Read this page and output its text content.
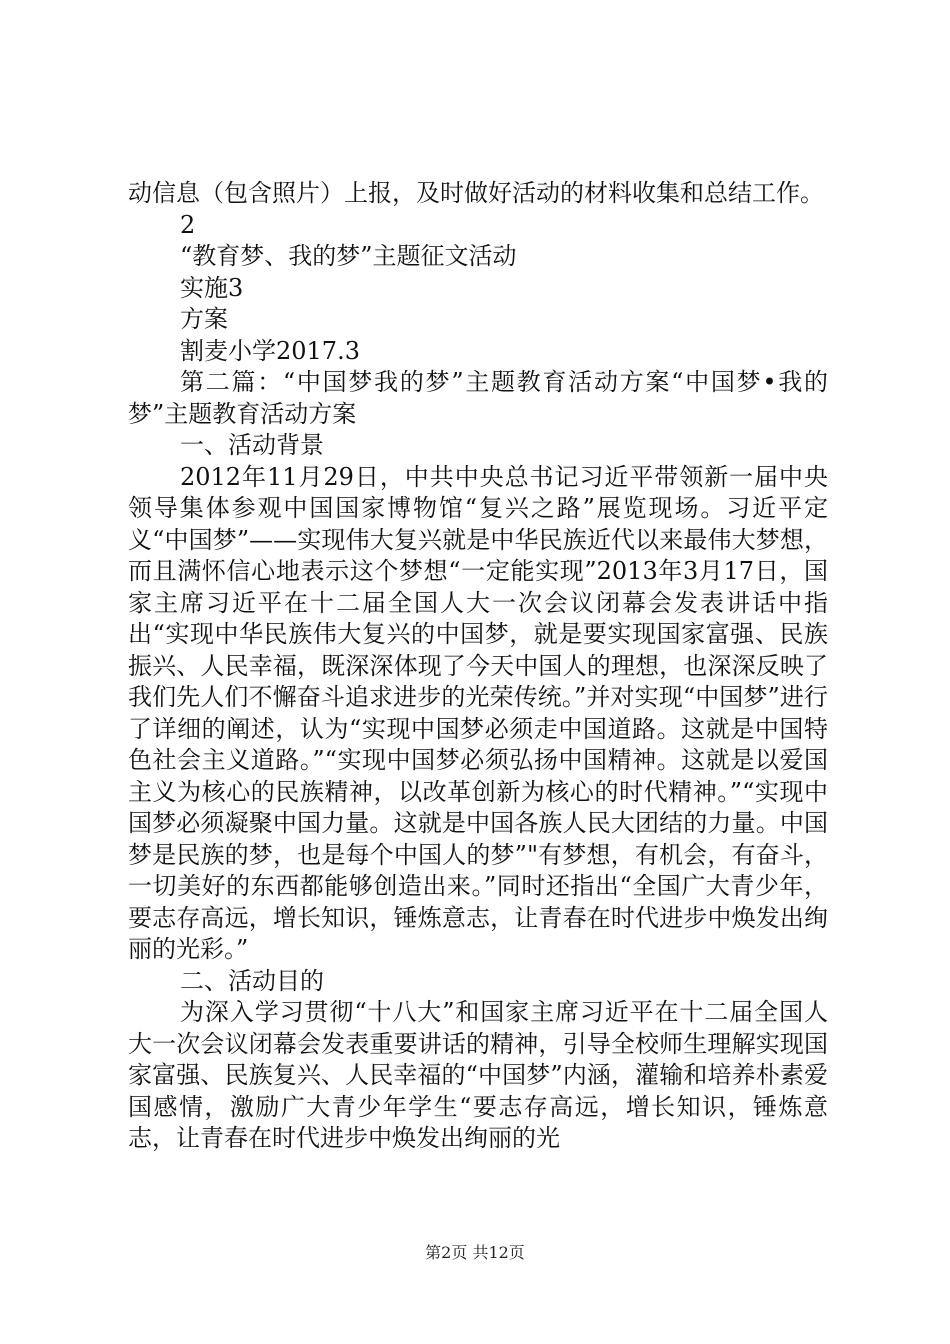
动信息（包含照片）上报，及时做好活动的材料收集和总结工作。

2

“教育梦、我的梦”主题征文活动

实施3

方案

割麦小学2017.3

第二篇：“中国梦我的梦”主题教育活动方案“中国梦•我的梦”主题教育活动方案

一、活动背景

2012年11月29日，中共中央总书记习近平带领新一届中央领导集体参观中国国家博物馆“复兴之路”展览现场。习近平定义“中国梦”——实现伟大复兴就是中华民族近代以来最伟大梦想，而且满怀信心地表示这个梦想“一定能实现”2013年3月17日，国家主席习近平在十二届全国人大一次会议闭幕会发表讲话中指出“实现中华民族伟大复兴的中国梦，就是要实现国家富强、民族振兴、人民幸福，既深深体现了今天中国人的理想，也深深反映了我们先人们不懈奋斗追求进步的光荣传统。”并对实现“中国梦”进行了详细的阐述，认为“实现中国梦必须走中国道路。这就是中国特色社会主义道路。”“实现中国梦必须弘扬中国精神。这就是以爱国主义为核心的民族精神，以改革创新为核心的时代精神。”“实现中国梦必须凝聚中国力量。这就是中国各族人民大团结的力量。中国梦是民族的梦，也是每个中国人的梦”"有梦想，有机会，有奋斗，一切美好的东西都能够创造出来。”同时还指出“全国广大青少年，要志存高远，增长知识，锤炼意志，让青春在时代进步中焕发出绚丽的光彩。”

二、活动目的

为深入学习贯彻“十八大”和国家主席习近平在十二届全国人大一次会议闭幕会发表重要讲话的精神，引导全校师生理解实现国家富强、民族复兴、人民幸福的“中国梦”内涵，灌输和培养朴素爱国感情，激励广大青少年学生“要志存高远，增长知识，锤炼意志，让青春在时代进步中焕发出绚丽的光

第2页 共12页
